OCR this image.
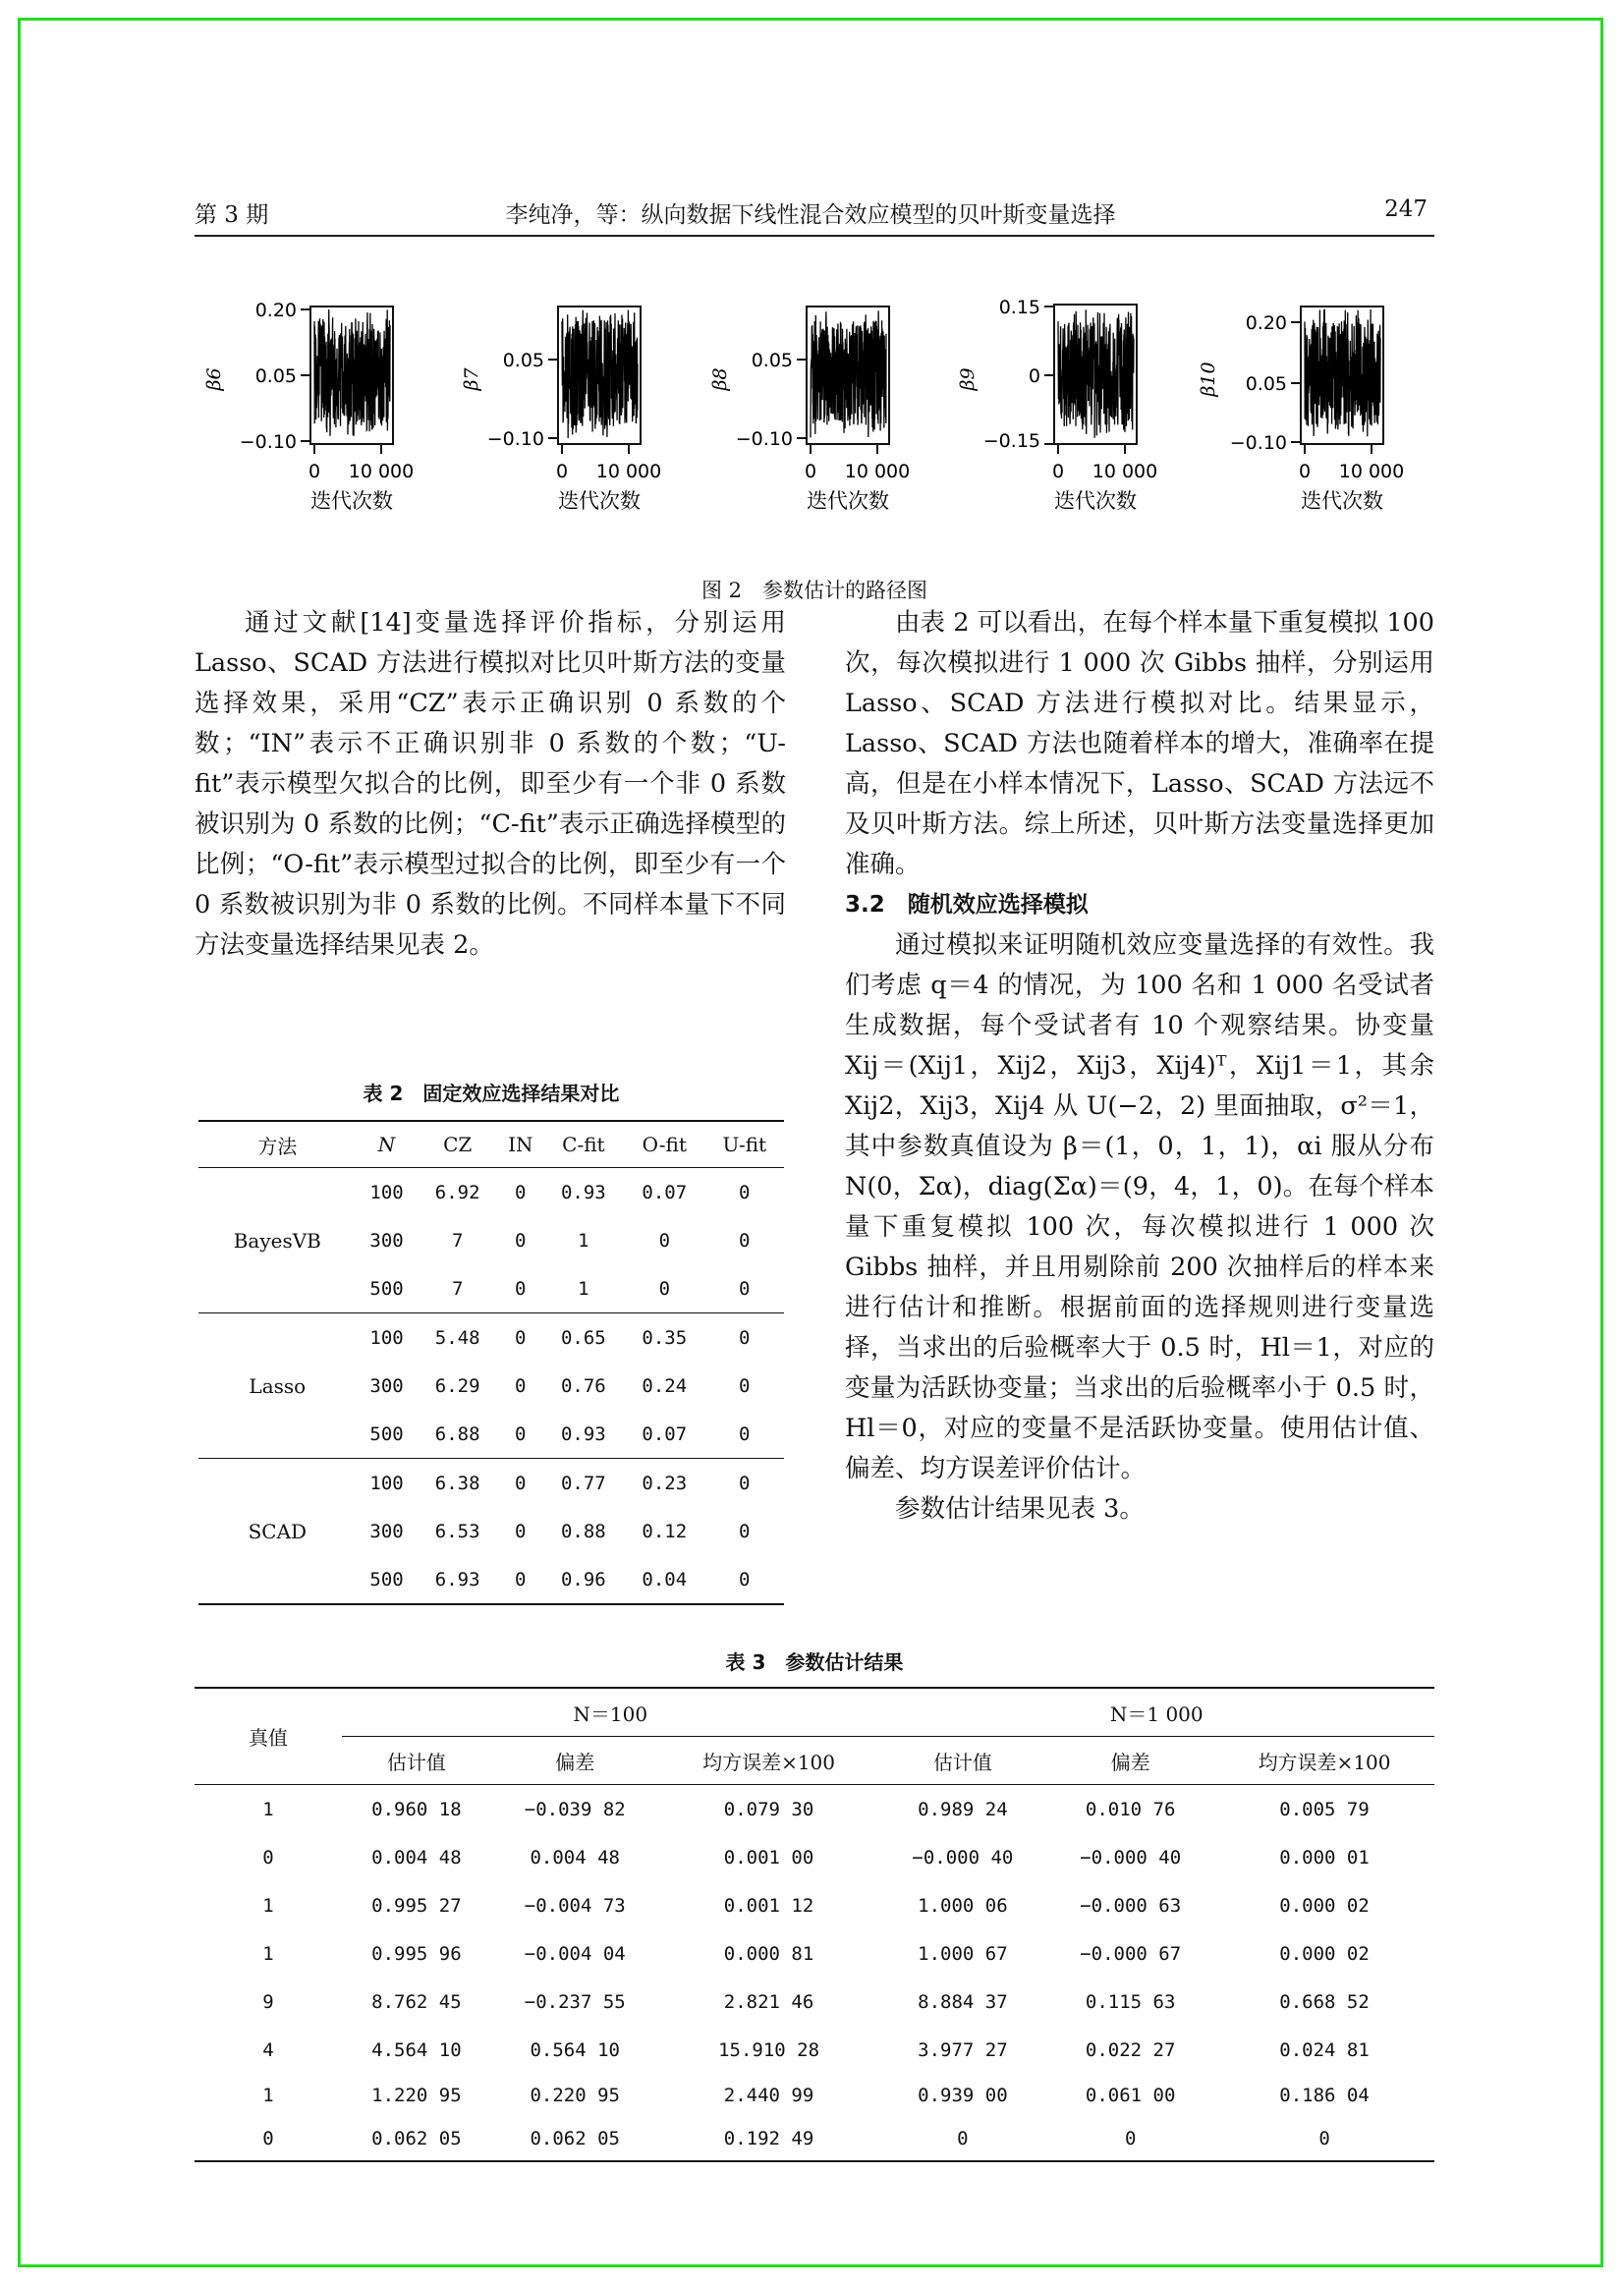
第 3 期	李纯净，等：纵向数据下线性混合效应模型的贝叶斯变量选择	247
0.20
0.05
−0.10
0 10 000
迭代次数
β6
0.05
−0.10
0 10 000
迭代次数
β7
0.05
−0.10
0 10 000
迭代次数
β8
0.15
0
−0.15
0 10 000
迭代次数
β9
0.20
0.05
−0.10
0 10 000
迭代次数
β10
图 2　参数估计的路径图

通过文献[14]变量选择评价指标，分别运用 Lasso、SCAD 方法进行模拟对比贝叶斯方法的变量选择效果，采用“CZ”表示正确识别 0 系数的个数；“IN”表示不正确识别非 0 系数的个数；“U-fit”表示模型欠拟合的比例，即至少有一个非 0 系数被识别为 0 系数的比例；“C-fit”表示正确选择模型的比例；“O-fit”表示模型过拟合的比例，即至少有一个 0 系数被识别为非 0 系数的比例。不同样本量下不同方法变量选择结果见表 2。

表 2　固定效应选择结果对比
方法	N	CZ	IN	C-fit	O-fit	U-fit
BayesVB	100	6.92	0	0.93	0.07	0
	300	7	0	1	0	0
	500	7	0	1	0	0
Lasso	100	5.48	0	0.65	0.35	0
	300	6.29	0	0.76	0.24	0
	500	6.88	0	0.93	0.07	0
SCAD	100	6.38	0	0.77	0.23	0
	300	6.53	0	0.88	0.12	0
	500	6.93	0	0.96	0.04	0

由表 2 可以看出，在每个样本量下重复模拟 100 次，每次模拟进行 1 000 次 Gibbs 抽样，分别运用 Lasso、SCAD 方法进行模拟对比。结果显示，Lasso、SCAD 方法也随着样本的增大，准确率在提高，但是在小样本情况下，Lasso、SCAD 方法远不及贝叶斯方法。综上所述，贝叶斯方法变量选择更加准确。

3.2　随机效应选择模拟

通过模拟来证明随机效应变量选择的有效性。我们考虑 q＝4 的情况，为 100 名和 1 000 名受试者生成数据，每个受试者有 10 个观察结果。协变量 Xij＝(Xij1，Xij2，Xij3，Xij4)ᵀ，Xij1＝1，其余 Xij2，Xij3，Xij4 从 U(−2，2) 里面抽取，σ²＝1，其中参数真值设为 β＝(1，0，1，1)，αi 服从分布 N(0，Σα)，diag(Σα)＝(9，4，1，0)。在每个样本量下重复模拟 100 次，每次模拟进行 1 000 次 Gibbs 抽样，并且用剔除前 200 次抽样后的样本来进行估计和推断。根据前面的选择规则进行变量选择，当求出的后验概率大于 0.5 时，Hl＝1，对应的变量为活跃协变量；当求出的后验概率小于 0.5 时，Hl＝0，对应的变量不是活跃协变量。使用估计值、偏差、均方误差评价估计。

参数估计结果见表 3。

表 3　参数估计结果
真值	N＝100			N＝1 000		
	估计值	偏差	均方误差×100	估计值	偏差	均方误差×100
1	0.960 18	−0.039 82	0.079 30	0.989 24	0.010 76	0.005 79
0	0.004 48	0.004 48	0.001 00	−0.000 40	−0.000 40	0.000 01
1	0.995 27	−0.004 73	0.001 12	1.000 06	−0.000 63	0.000 02
1	0.995 96	−0.004 04	0.000 81	1.000 67	−0.000 67	0.000 02
9	8.762 45	−0.237 55	2.821 46	8.884 37	0.115 63	0.668 52
4	4.564 10	0.564 10	15.910 28	3.977 27	0.022 27	0.024 81
1	1.220 95	0.220 95	2.440 99	0.939 00	0.061 00	0.186 04
0	0.062 05	0.062 05	0.192 49	0	0	0
